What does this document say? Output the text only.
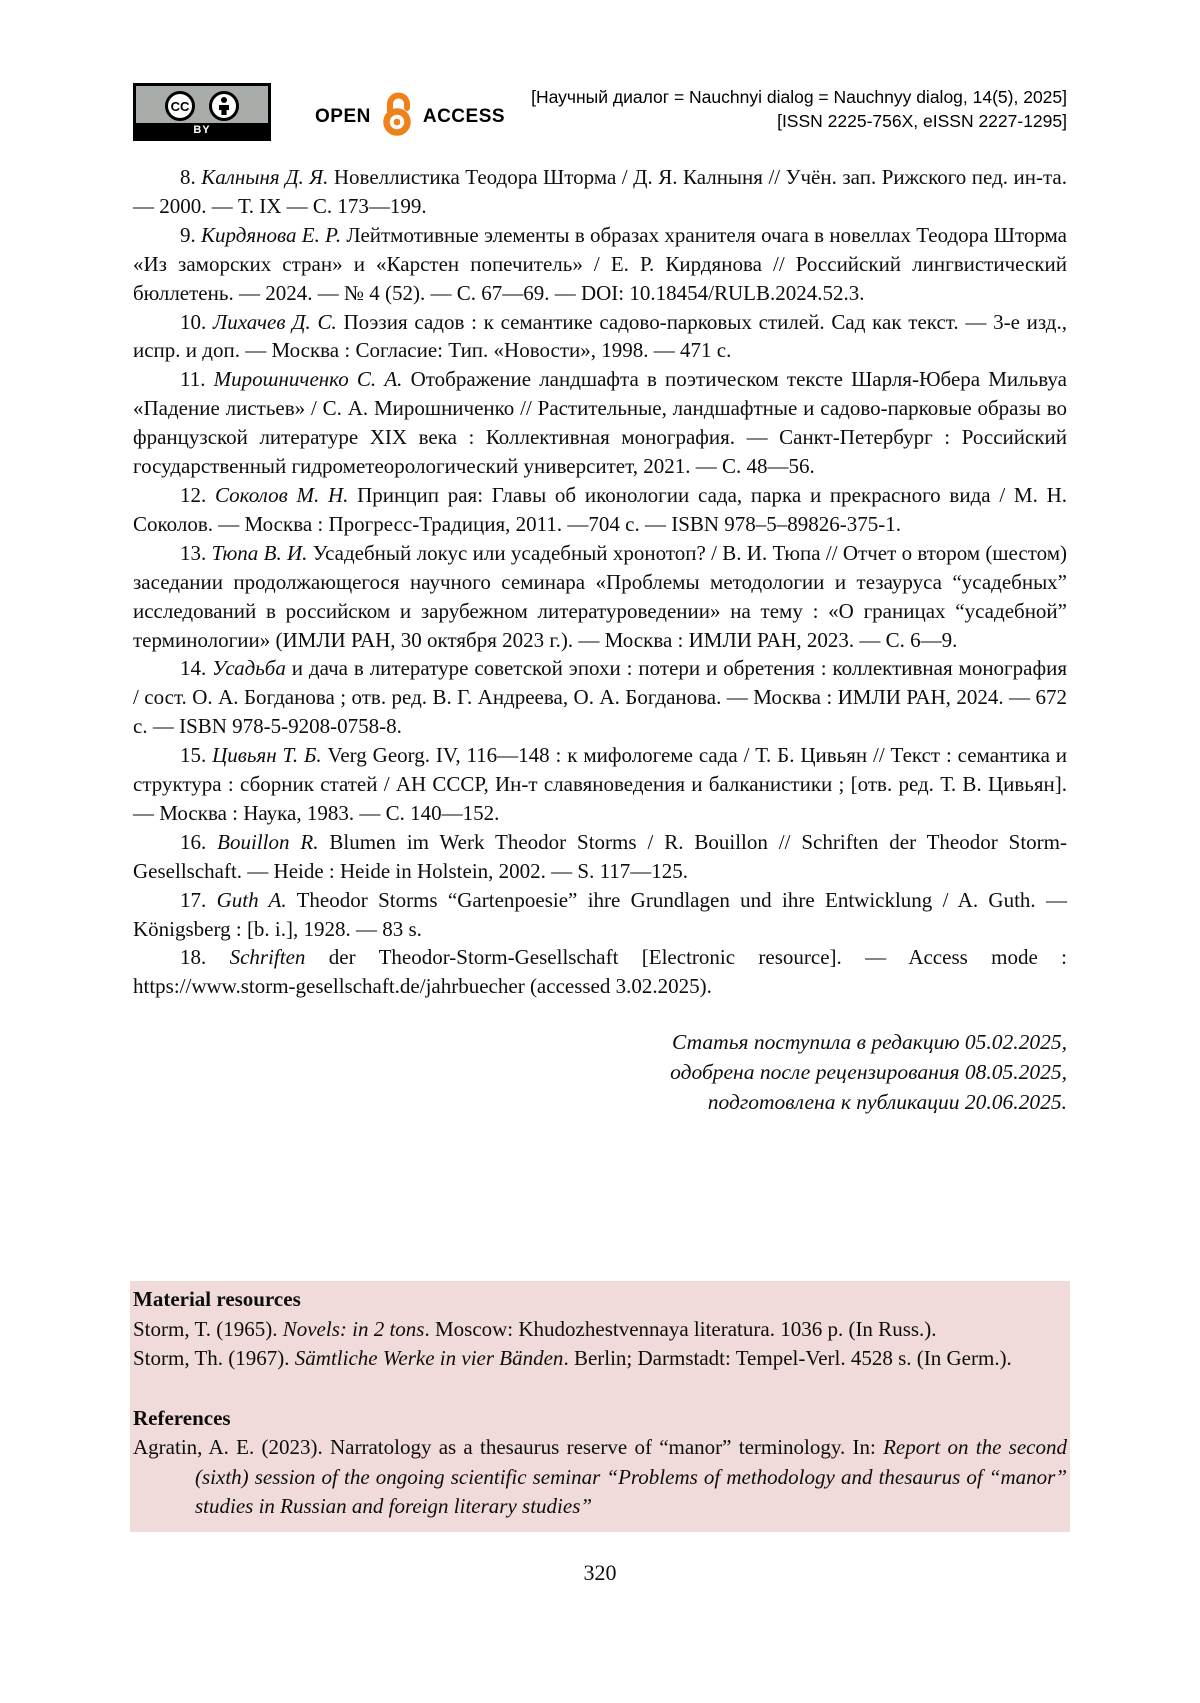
CC
BY
OPEN	ACCESS
[Научный диалог = Nauchnyi dialog = Nauchnyy dialog, 14(5), 2025]
[ISSN 2225-756X, eISSN 2227-1295]

8. Калныня Д. Я. Новеллистика Теодора Шторма / Д. Я. Калныня // Учён. зап. Рижского пед. ин-та. — 2000. — Т. IX — С. 173—199.

9. Кирдянова Е. Р. Лейтмотивные элементы в образах хранителя очага в новеллах Теодора Шторма «Из заморских стран» и «Карстен попечитель» / Е. Р. Кирдянова // Российский лингвистический бюллетень. — 2024. — № 4 (52). — С. 67—69. — DOI: 10.18454/RULB.2024.52.3.

10. Лихачев Д. С. Поэзия садов : к семантике садово-парковых стилей. Сад как текст. — 3-е изд., испр. и доп. — Москва : Согласие: Тип. «Новости», 1998. — 471 с.

11. Мирошниченко С. А. Отображение ландшафта в поэтическом тексте Шарля-Юбера Мильвуа «Падение листьев» / С. А. Мирошниченко // Растительные, ландшафтные и садово-парковые образы во французской литературе XIX века : Коллективная монография. — Санкт-Петербург : Российский государственный гидрометеорологический университет, 2021. — С. 48—56.

12. Соколов М. Н. Принцип рая: Главы об иконологии сада, парка и прекрасного вида / М. Н. Соколов. — Москва : Прогресс-Традиция, 2011. —704 с. — ISBN 978–5–89826-375-1.

13. Тюпа В. И. Усадебный локус или усадебный хронотоп? / В. И. Тюпа // Отчет о втором (шестом) заседании продолжающегося научного семинара «Проблемы методологии и тезауруса “усадебных” исследований в российском и зарубежном литературоведении» на тему : «О границах “усадебной” терминологии» (ИМЛИ РАН, 30 октября 2023 г.). — Москва : ИМЛИ РАН, 2023. — С. 6—9.

14. Усадьба и дача в литературе советской эпохи : потери и обретения : коллективная монография / сост. О. А. Богданова ; отв. ред. В. Г. Андреева, О. А. Богданова. — Москва : ИМЛИ РАН, 2024. — 672 с. — ISBN 978-5-9208-0758-8.

15. Цивьян Т. Б. Verg Georg. IV, 116—148 : к мифологеме сада / Т. Б. Цивьян // Текст : семантика и структура : сборник статей / АН СССР, Ин-т славяноведения и балканистики ; [отв. ред. Т. В. Цивьян]. — Москва : Наука, 1983. — С. 140—152.

16. Bouillon R. Blumen im Werk Theodor Storms / R. Bouillon // Schriften der Theodor Storm-Gesellschaft. — Heide : Heide in Holstein, 2002. — S. 117—125.

17. Guth A. Theodor Storms “Gartenpoesie” ihre Grundlagen und ihre Entwicklung / A. Guth. — Königsberg : [b. i.], 1928. — 83 s.

18. Schriften der Theodor-Storm-Gesellschaft [Electronic resource]. — Access mode : https://www.storm-gesellschaft.de/jahrbuecher (accessed 3.02.2025).

Статья поступила в редакцию 05.02.2025,
одобрена после рецензирования 08.05.2025,
подготовлена к публикации 20.06.2025.
Material resources

Storm, T. (1965). Novels: in 2 tons. Moscow: Khudozhestvennaya literatura. 1036 p. (In Russ.).

Storm, Th. (1967). Sämtliche Werke in vier Bänden. Berlin; Darmstadt: Tempel-Verl. 4528 s. (In Germ.).

References

Agratin, A. E. (2023). Narratology as a thesaurus reserve of “manor” terminology. In: Report on the second (sixth) session of the ongoing scientific seminar “Problems of methodology and thesaurus of “manor” studies in Russian and foreign literary studies”

320
